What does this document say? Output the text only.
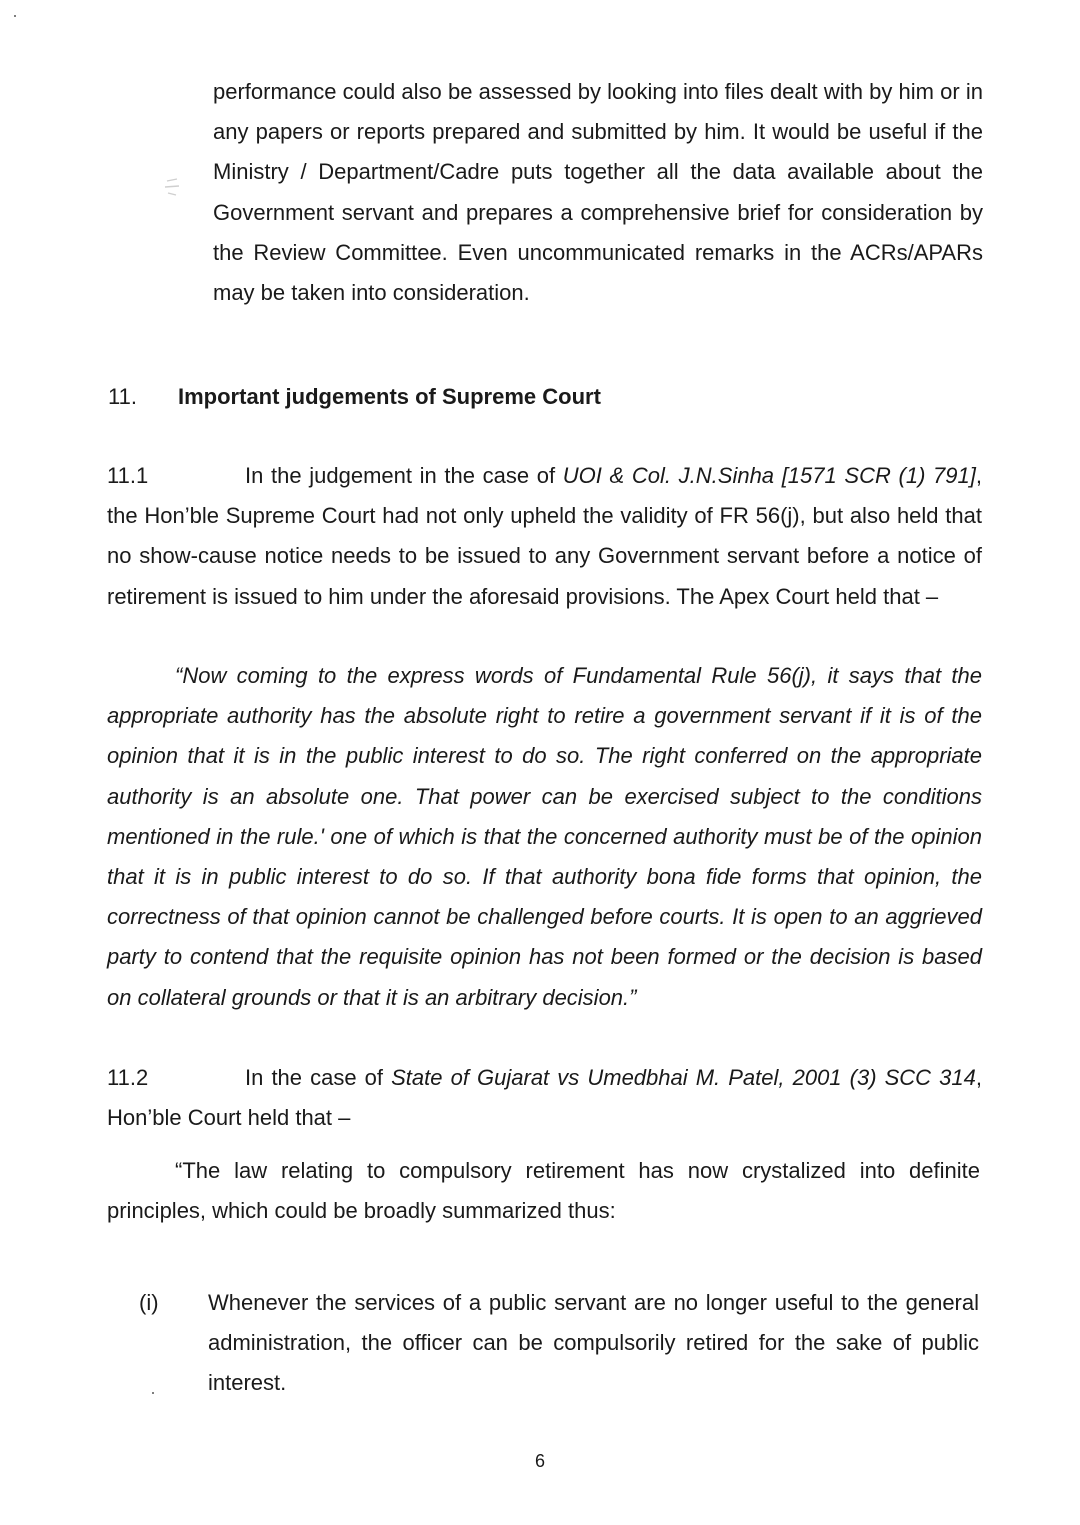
performance could also be assessed by looking into files dealt with by him or in any papers or reports prepared and submitted by him. It would be useful if the Ministry / Department/Cadre puts together all the data available about the Government servant and prepares a comprehensive brief for consideration by the Review Committee. Even uncommunicated remarks in the ACRs/APARs may be taken into consideration.

11. Important judgements of Supreme Court

11.1	In the judgement in the case of UOI & Col. J.N.Sinha [1571 SCR (1) 791], the Hon’ble Supreme Court had not only upheld the validity of FR 56(j), but also held that no show-cause notice needs to be issued to any Government servant before a notice of retirement is issued to him under the aforesaid provisions. The Apex Court held that –

“Now coming to the express words of Fundamental Rule 56(j), it says that the appropriate authority has the absolute right to retire a government servant if it is of the opinion that it is in the public interest to do so. The right conferred on the appropriate authority is an absolute one. That power can be exercised subject to the conditions mentioned in the rule.' one of which is that the concerned authority must be of the opinion that it is in public interest to do so. If that authority bona fide forms that opinion, the correctness of that opinion cannot be challenged before courts. It is open to an aggrieved party to contend that the requisite opinion has not been formed or the decision is based on collateral grounds or that it is an arbitrary decision.”

11.2	In the case of State of Gujarat vs Umedbhai M. Patel, 2001 (3) SCC 314, Hon’ble Court held that –

“The law relating to compulsory retirement has now crystalized into definite principles, which could be broadly summarized thus:

(i) Whenever the services of a public servant are no longer useful to the general administration, the officer can be compulsorily retired for the sake of public interest.
6
